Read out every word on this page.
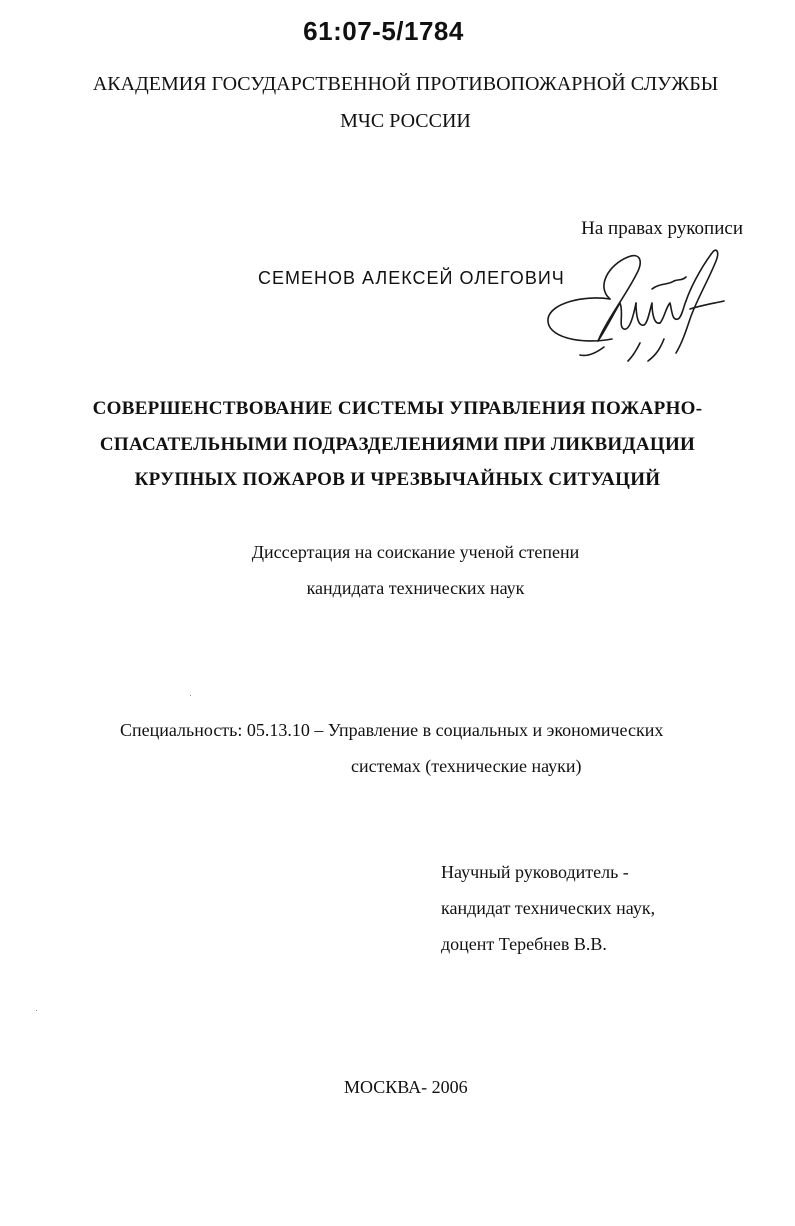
61:07-5/1784
АКАДЕМИЯ ГОСУДАРСТВЕННОЙ ПРОТИВОПОЖАРНОЙ СЛУЖБЫ
МЧС РОССИИ
На правах рукописи
СЕМЕНОВ АЛЕКСЕЙ ОЛЕГОВИЧ
СОВЕРШЕНСТВОВАНИЕ СИСТЕМЫ УПРАВЛЕНИЯ ПОЖАРНО-
СПАСАТЕЛЬНЫМИ ПОДРАЗДЕЛЕНИЯМИ ПРИ ЛИКВИДАЦИИ
КРУПНЫХ ПОЖАРОВ И ЧРЕЗВЫЧАЙНЫХ СИТУАЦИЙ
Диссертация на соискание ученой степени
кандидата технических наук
Специальность: 05.13.10 – Управление в социальных и экономических
системах (технические науки)
Научный руководитель -
кандидат технических наук,
доцент Теребнев В.В.
МОСКВА- 2006
